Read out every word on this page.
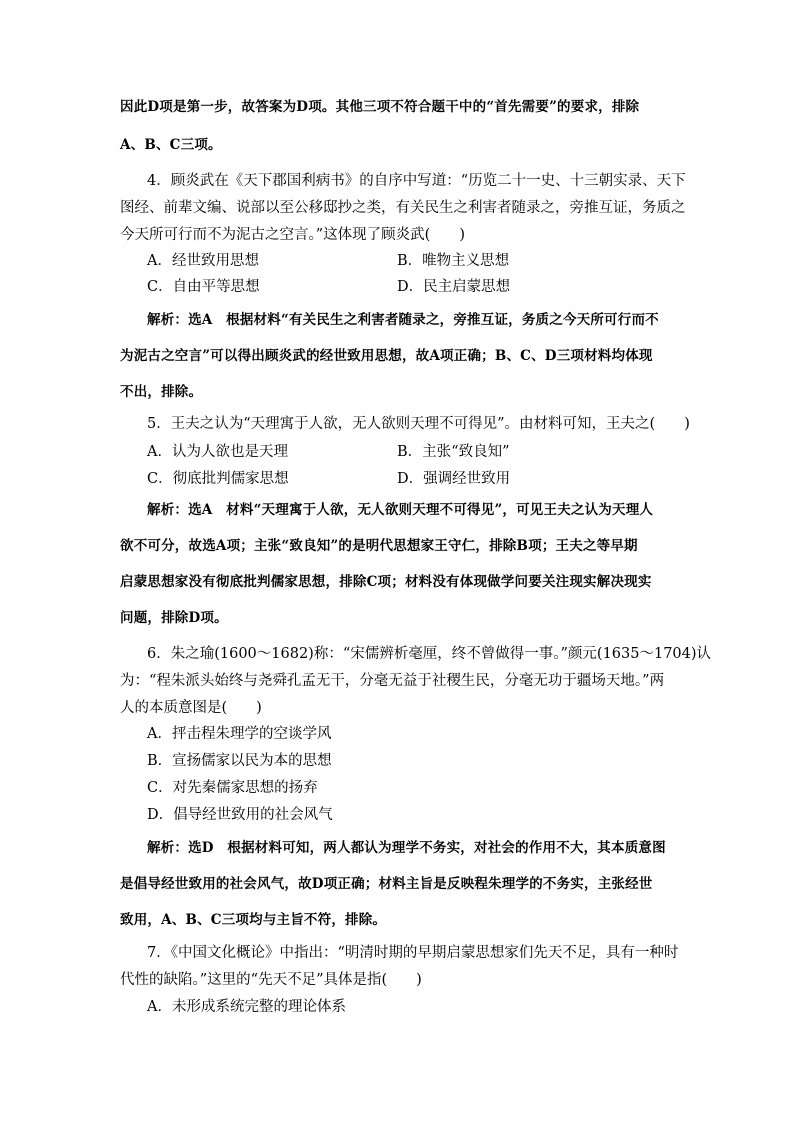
因此D项是第一步，故答案为D项。其他三项不符合题干中的“首先需要”的要求，排除
A、B、C三项。
4．顾炎武在《天下郡国利病书》的自序中写道：“历览二十一史、十三朝实录、天下
图经、前辈文编、说部以至公移邸抄之类，有关民生之利害者随录之，旁推互证，务质之
今天所可行而不为泥古之空言。”这体现了顾炎武(　　)
A．经世致用思想	B．唯物主义思想
C．自由平等思想	D．民主启蒙思想
解析：选A　根据材料“有关民生之利害者随录之，旁推互证，务质之今天所可行而不
为泥古之空言”可以得出顾炎武的经世致用思想，故A项正确；B、C、D三项材料均体现
不出，排除。
5．王夫之认为“天理寓于人欲，无人欲则天理不可得见”。由材料可知，王夫之(　　)
A．认为人欲也是天理	B．主张“致良知”
C．彻底批判儒家思想	D．强调经世致用
解析：选A　材料“天理寓于人欲，无人欲则天理不可得见”，可见王夫之认为天理人
欲不可分，故选A项；主张“致良知”的是明代思想家王守仁，排除B项；王夫之等早期
启蒙思想家没有彻底批判儒家思想，排除C项；材料没有体现做学问要关注现实解决现实
问题，排除D项。
6．朱之瑜(1600～1682)称：“宋儒辨析毫厘，终不曾做得一事。”颜元(1635～1704)认
为：“程朱派头始终与尧舜孔孟无干，分毫无益于社稷生民，分毫无功于疆场天地。”两
人的本质意图是(　　)
A．抨击程朱理学的空谈学风
B．宣扬儒家以民为本的思想
C．对先秦儒家思想的扬弃
D．倡导经世致用的社会风气
解析：选D　根据材料可知，两人都认为理学不务实，对社会的作用不大，其本质意图
是倡导经世致用的社会风气，故D项正确；材料主旨是反映程朱理学的不务实，主张经世
致用，A、B、C三项均与主旨不符，排除。
7．《中国文化概论》中指出：“明清时期的早期启蒙思想家们先天不足，具有一种时
代性的缺陷。”这里的“先天不足”具体是指(　　)
A．未形成系统完整的理论体系
